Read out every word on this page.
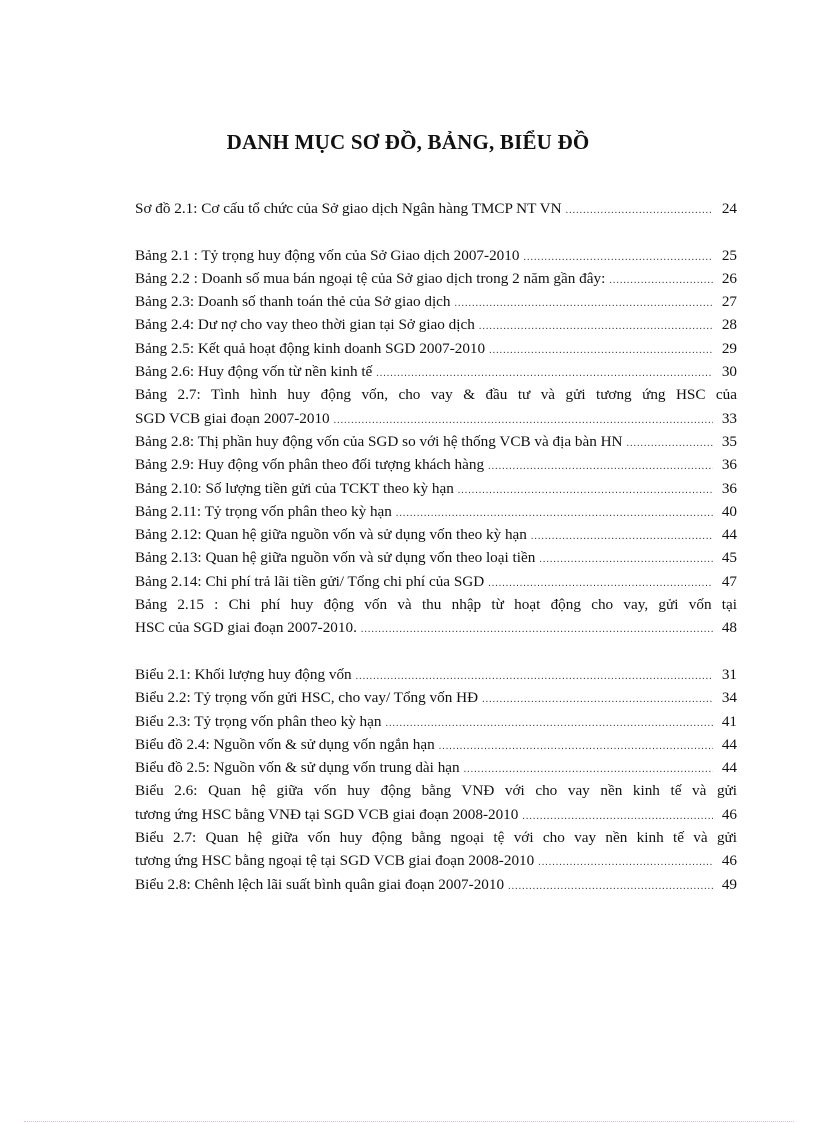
DANH MỤC SƠ ĐỒ, BẢNG, BIỂU ĐỒ
Sơ đồ 2.1: Cơ cấu tổ chức của Sở giao dịch Ngân hàng TMCP NT VN .....	24
Bảng 2.1 : Tỷ trọng huy động vốn của Sở Giao dịch 2007-2010 .....	25
Bảng 2.2 : Doanh số mua bán ngoại tệ của Sở giao dịch trong 2 năm gần đây: .....	26
Bảng 2.3: Doanh số thanh toán thẻ của Sở giao dịch .....	27
Bảng 2.4: Dư nợ cho vay theo thời gian tại Sở giao dịch .....	28
Bảng 2.5: Kết quả hoạt động kinh doanh SGD 2007-2010 .....	29
Bảng 2.6: Huy động vốn từ nền kinh tế .....	30
Bảng 2.7: Tình hình huy động vốn, cho vay & đầu tư và gửi tương ứng HSC của
SGD VCB giai đoạn 2007-2010 .....	33
Bảng 2.8: Thị phần huy động vốn của SGD so với hệ thống VCB và địa bàn HN .....	35
Bảng 2.9: Huy động vốn phân theo đối tượng khách hàng .....	36
Bảng 2.10: Số lượng tiền gửi của TCKT theo kỳ hạn .....	36
Bảng 2.11: Tỷ trọng vốn phân theo kỳ hạn .....	40
Bảng 2.12: Quan hệ giữa nguồn vốn và sử dụng vốn theo kỳ hạn .....	44
Bảng 2.13: Quan hệ giữa nguồn vốn và sử dụng vốn theo loại tiền .....	45
Bảng 2.14: Chi phí trả lãi tiền gửi/ Tổng chi phí của SGD .....	47
Bảng 2.15 : Chi phí huy động vốn và thu nhập từ hoạt động cho vay, gửi vốn tại
HSC của SGD giai đoạn 2007-2010. .....	48
Biểu 2.1: Khối lượng huy động vốn .....	31
Biểu 2.2: Tỷ trọng vốn gửi HSC, cho vay/ Tổng vốn HĐ .....	34
Biểu 2.3: Tỷ trọng vốn phân theo kỳ hạn .....	41
Biểu đồ 2.4: Nguồn vốn & sử dụng vốn ngắn hạn .....	44
Biểu đồ 2.5: Nguồn vốn & sử dụng vốn trung dài hạn .....	44
Biểu 2.6: Quan hệ giữa vốn huy động bằng VNĐ với cho vay nền kinh tế và gửi
tương ứng HSC bằng VNĐ tại SGD VCB giai đoạn 2008-2010 .....	46
Biểu 2.7: Quan hệ giữa vốn huy động bằng ngoại tệ với cho vay nền kinh tế và gửi
tương ứng HSC bằng ngoại tệ tại SGD VCB giai đoạn 2008-2010 .....	46
Biểu 2.8: Chênh lệch lãi suất bình quân giai đoạn 2007-2010 .....	49
